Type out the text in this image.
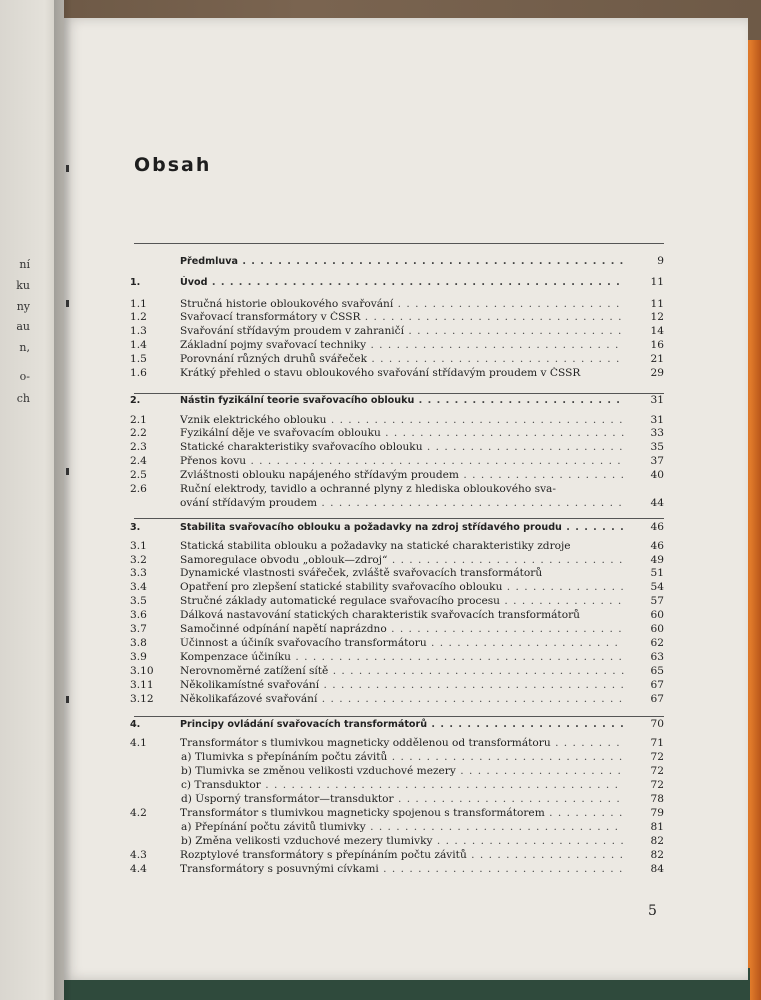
ní
ku
ny
au
n,
o-
ch
Obsah
Předmluva . . .	9
1.	Úvod . . .	11
1.1	Stručná historie obloukového svařování . . .	11
1.2	Svařovací transformátory v ČSSR . . .	12
1.3	Svařování střídavým proudem v zahraničí . . .	14
1.4	Základní pojmy svařovací techniky . . .	16
1.5	Porovnání různých druhů svářeček . . .	21
1.6	Krátký přehled o stavu obloukového svařování střídavým proudem v ČSSR	29
2.	Nástin fyzikální teorie svařovacího oblouku . . .	31
2.1	Vznik elektrického oblouku . . .	31
2.2	Fyzikální děje ve svařovacím oblouku . . .	33
2.3	Statické charakteristiky svařovacího oblouku . . .	35
2.4	Přenos kovu . . .	37
2.5	Zvláštnosti oblouku napájeného střídavým proudem . . .	40
2.6	Ruční elektrody, tavidlo a ochranné plyny z hlediska obloukového sva-
ování střídavým proudem . . .	44
3.	Stabilita svařovacího oblouku a požadavky na zdroj střídavého proudu . . .	46
3.1	Statická stabilita oblouku a požadavky na statické charakteristiky zdroje	46
3.2	Samoregulace obvodu „oblouk—zdroj“ . . .	49
3.3	Dynamické vlastnosti svářeček, zvláště svařovacích transformátorů	51
3.4	Opatření pro zlepšení statické stability svařovacího oblouku . . .	54
3.5	Stručné základy automatické regulace svařovacího procesu . . .	57
3.6	Dálková nastavování statických charakteristik svařovacích transformátorů	60
3.7	Samočinné odpínání napětí naprázdno . . .	60
3.8	Účinnost a účiník svařovacího transformátoru . . .	62
3.9	Kompenzace účiníku . . .	63
3.10	Nerovnoměrné zatížení sítě . . .	65
3.11	Několikamístné svařování . . .	67
3.12	Několikafázové svařování . . .	67
4.	Principy ovládání svařovacích transformátorů . . .	70
4.1	Transformátor s tlumivkou magneticky oddělenou od transformátoru . . .	71
a) Tlumivka s přepínáním počtu závitů . . .	72
b) Tlumivka se změnou velikosti vzduchové mezery . . .	72
c) Transduktor . . .	72
d) Úsporný transformátor—transduktor . . .	78
4.2	Transformátor s tlumivkou magneticky spojenou s transformátorem . . .	79
a) Přepínání počtu závitů tlumivky . . .	81
b) Změna velikosti vzduchové mezery tlumivky . . .	82
4.3	Rozptylové transformátory s přepínáním počtu závitů . . .	82
4.4	Transformátory s posuvnými cívkami . . .	84
5
